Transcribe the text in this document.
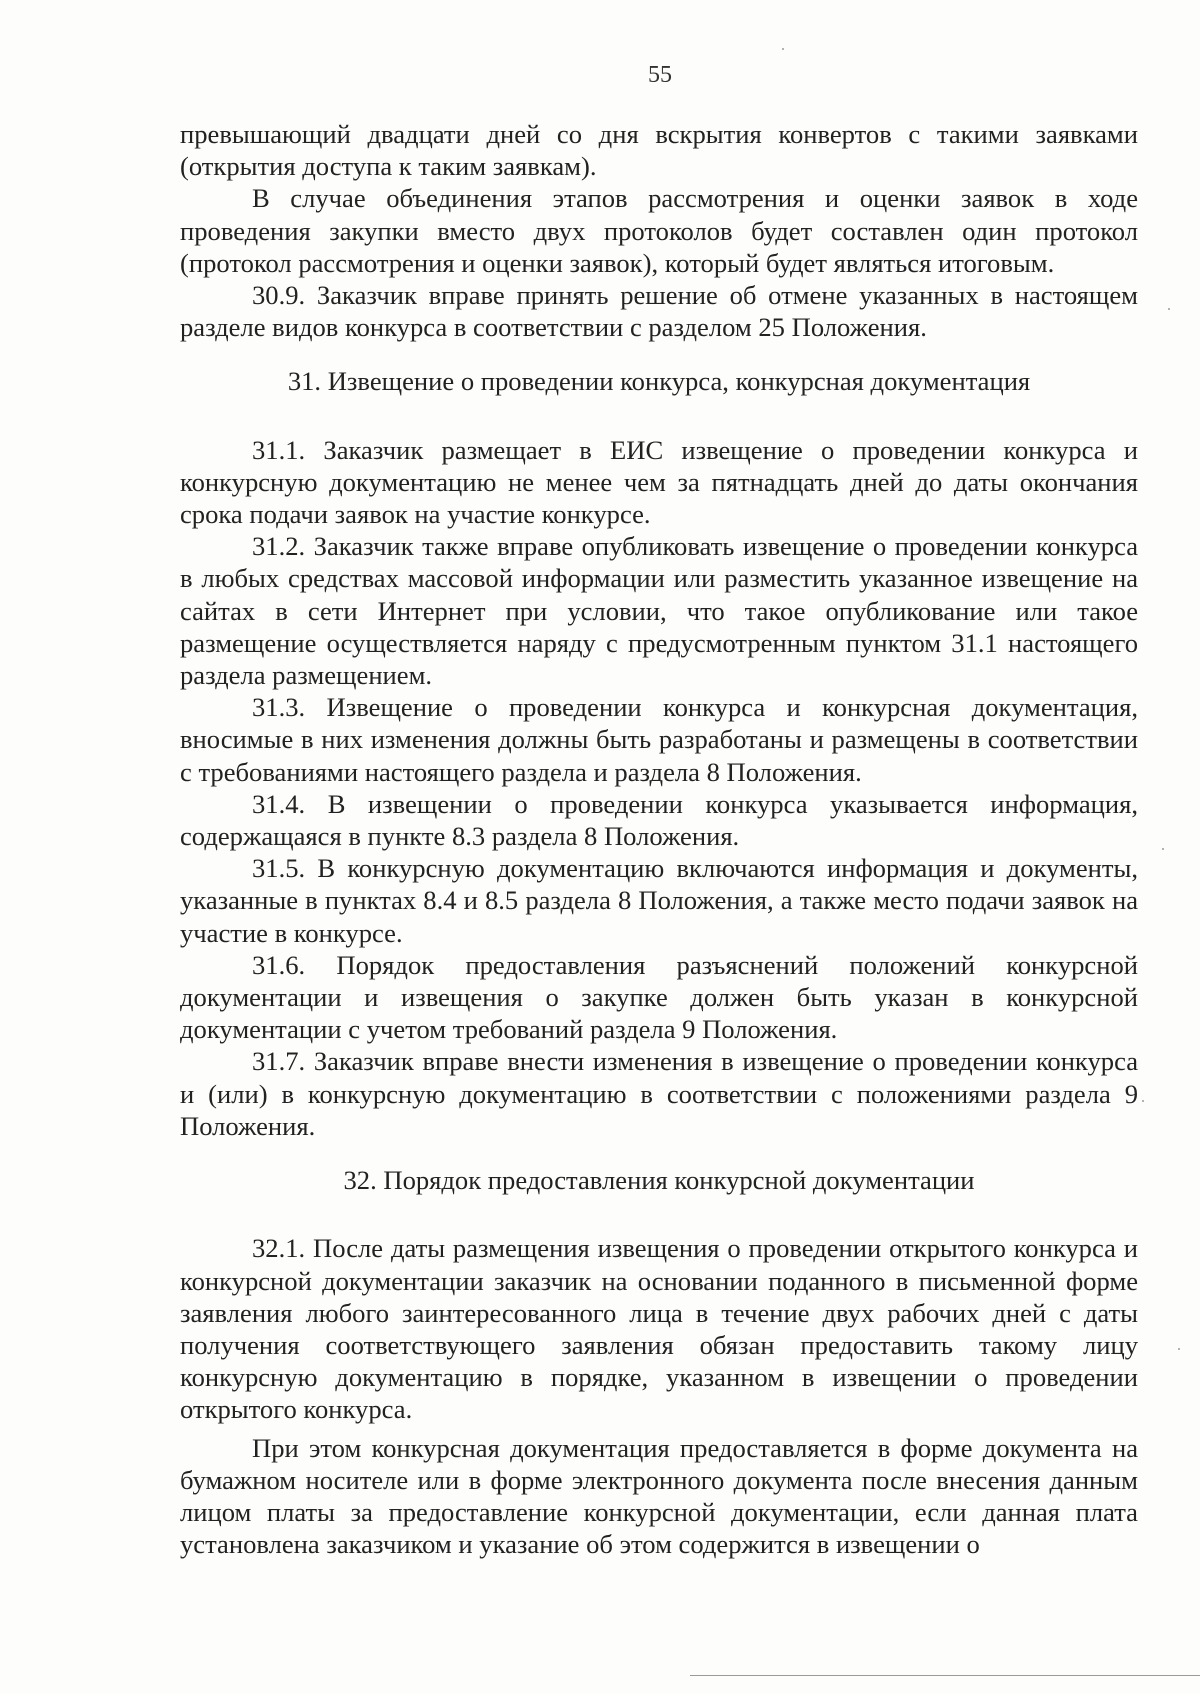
55

превышающий двадцати дней со дня вскрытия конвертов с такими заявками (открытия доступа к таким заявкам).

В случае объединения этапов рассмотрения и оценки заявок в ходе проведения закупки вместо двух протоколов будет составлен один протокол (протокол рассмотрения и оценки заявок), который будет являться итоговым.

30.9. Заказчик вправе принять решение об отмене указанных в настоящем разделе видов конкурса в соответствии с разделом 25 Положения.

31. Извещение о проведении конкурса, конкурсная документация

31.1. Заказчик размещает в ЕИС извещение о проведении конкурса и конкурсную документацию не менее чем за пятнадцать дней до даты окончания срока подачи заявок на участие конкурсе.

31.2. Заказчик также вправе опубликовать извещение о проведении конкурса в любых средствах массовой информации или разместить указанное извещение на сайтах в сети Интернет при условии, что такое опубликование или такое размещение осуществляется наряду с предусмотренным пунктом 31.1 настоящего раздела размещением.

31.3. Извещение о проведении конкурса и конкурсная документация, вносимые в них изменения должны быть разработаны и размещены в соответствии с требованиями настоящего раздела и раздела 8 Положения.

31.4. В извещении о проведении конкурса указывается информация, содержащаяся в пункте 8.3 раздела 8 Положения.

31.5. В конкурсную документацию включаются информация и документы, указанные в пунктах 8.4 и 8.5 раздела 8 Положения, а также место подачи заявок на участие в конкурсе.

31.6. Порядок предоставления разъяснений положений конкурсной документации и извещения о закупке должен быть указан в конкурсной документации с учетом требований раздела 9 Положения.

31.7. Заказчик вправе внести изменения в извещение о проведении конкурса и (или) в конкурсную документацию в соответствии с положениями раздела 9 Положения.

32. Порядок предоставления конкурсной документации

32.1. После даты размещения извещения о проведении открытого конкурса и конкурсной документации заказчик на основании поданного в письменной форме заявления любого заинтересованного лица в течение двух рабочих дней с даты получения соответствующего заявления обязан предоставить такому лицу конкурсную документацию в порядке, указанном в извещении о проведении открытого конкурса.

При этом конкурсная документация предоставляется в форме документа на бумажном носителе или в форме электронного документа после внесения данным лицом платы за предоставление конкурсной документации, если данная плата установлена заказчиком и указание об этом содержится в извещении о
